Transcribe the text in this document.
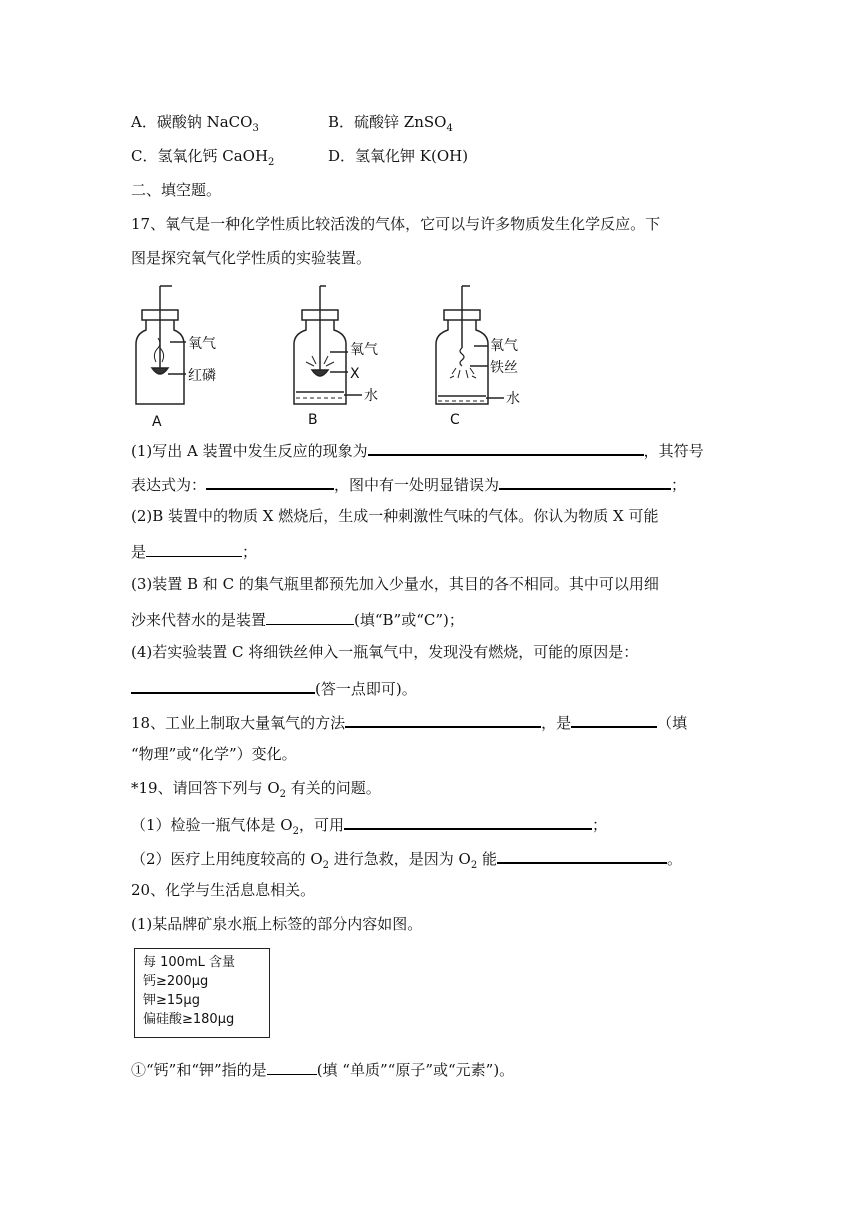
A．碳酸钠 NaCO$_3$	B．硫酸锌 ZnSO$_4$
C．氢氧化钙 CaOH$_2$	D．氢氧化钾 K(OH)
二、填空题。
17、氧气是一种化学性质比较活泼的气体，它可以与许多物质发生化学反应。下
图是探究氧气化学性质的实验装置。
氧气
红磷
氧气
X
水
氧气
铁丝
水
A	B	C
(1)写出 A 装置中发生反应的现象为	，其符号
表达式为：	，图中有一处明显错误为	；
(2)B 装置中的物质 X 燃烧后，生成一种刺激性气味的气体。你认为物质 X 可能
是	；
(3)装置 B 和 C 的集气瓶里都预先加入少量水，其目的各不相同。其中可以用细
沙来代替水的是装置	(填“B”或“C”)；
(4)若实验装置 C 将细铁丝伸入一瓶氧气中，发现没有燃烧，可能的原因是：
(答一点即可)。
18、工业上制取大量氧气的方法	，是	（填
“物理”或“化学”）变化。
*19、请回答下列与 $O_2$ 有关的问题。
（1）检验一瓶气体是 $O_2$，可用	；
（2）医疗上用纯度较高的 $O_2$ 进行急救，是因为 $O_2$ 能	。
20、化学与生活息息相关。
(1)某品牌矿泉水瓶上标签的部分内容如图。
每 100mL 含量
钙≥200μg
钾≥15μg
偏硅酸≥180μg
①“钙”和“钾”指的是	(填 “单质”“原子”或“元素”)。
